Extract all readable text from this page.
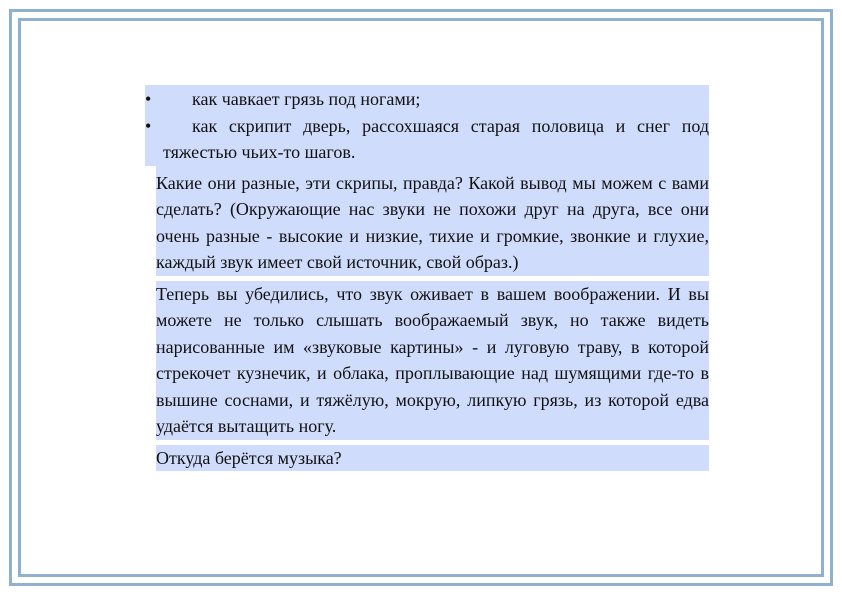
•	как чавкает грязь под ногами;
•	как скрипит дверь, рассохшаяся старая половица и снег под тяжестью чьих-то шагов.
Какие они разные, эти скрипы, правда? Какой вывод мы можем с вами сделать? (Окружающие нас звуки не похожи друг на друга, все они очень разные - высокие и низкие, тихие и громкие, звонкие и глухие, каждый звук имеет свой источник, свой образ.)
Теперь вы убедились, что звук оживает в вашем воображении. И вы можете не только слышать воображаемый звук, но также видеть нарисованные им «звуковые картины» - и луговую траву, в которой стрекочет кузнечик, и облака, проплывающие над шумящими где-то в вышине соснами, и тяжёлую, мокрую, липкую грязь, из которой едва удаётся вытащить ногу.
Откуда берётся музыка?
